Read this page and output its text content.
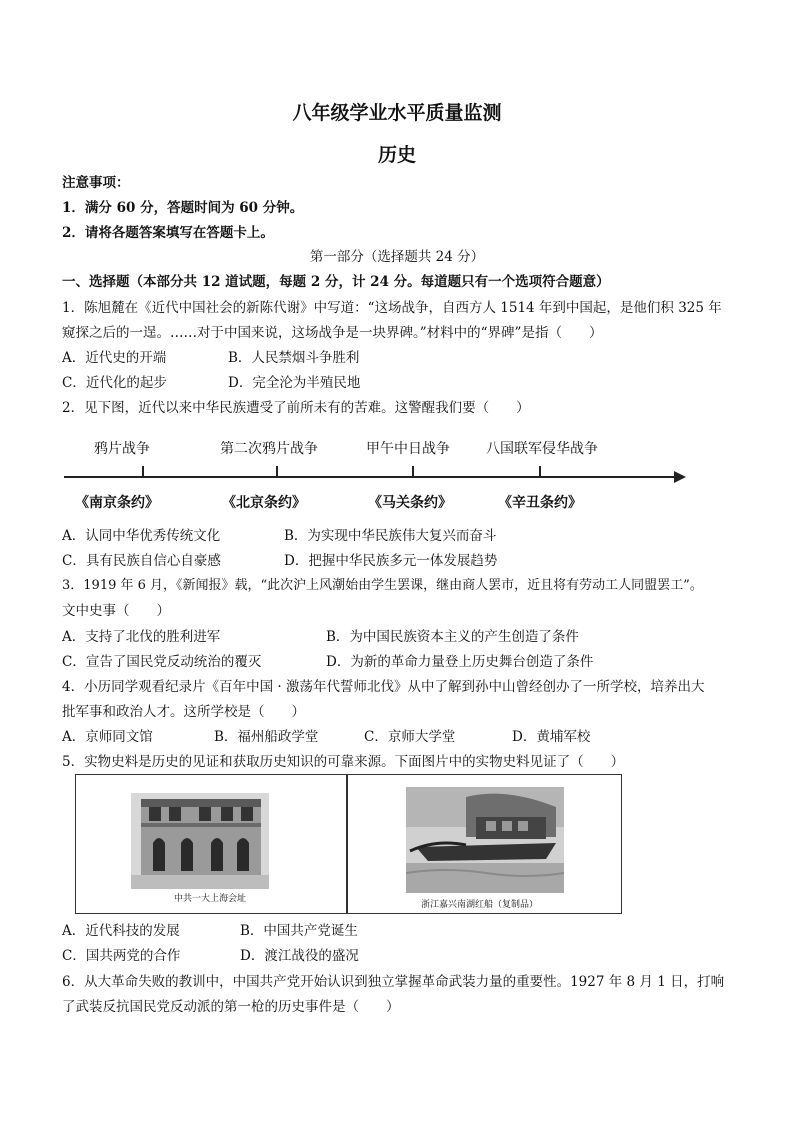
八年级学业水平质量监测
历史
注意事项：
1．满分 60 分，答题时间为 60 分钟。
2．请将各题答案填写在答题卡上。
第一部分（选择题共 24 分）
一、选择题（本部分共 12 道试题，每题 2 分，计 24 分。每道题只有一个选项符合题意）
1．陈旭麓在《近代中国社会的新陈代谢》中写道：“这场战争，自西方人 1514 年到中国起，是他们积 325 年
窥探之后的一逞。……对于中国来说，这场战争是一块界碑。”材料中的“界碑”是指（　　）
A．近代史的开端	B．人民禁烟斗争胜利
C．近代化的起步	D．完全沦为半殖民地
2．见下图，近代以来中华民族遭受了前所未有的苦难。这警醒我们要（　　）
鸦片战争	第二次鸦片战争	甲午中日战争	八国联军侵华战争
《南京条约》	《北京条约》	《马关条约》	《辛丑条约》
A．认同中华优秀传统文化	B．为实现中华民族伟大复兴而奋斗
C．具有民族自信心自豪感	D．把握中华民族多元一体发展趋势
3．1919 年 6 月，《新闻报》载，“此次沪上风潮始由学生罢课，继由商人罢市，近且将有劳动工人同盟罢工”。
文中史事（　　）
A．支持了北伐的胜利进军	B．为中国民族资本主义的产生创造了条件
C．宣告了国民党反动统治的覆灭	D．为新的革命力量登上历史舞台创造了条件
4．小历同学观看纪录片《百年中国 · 激荡年代誓师北伐》从中了解到孙中山曾经创办了一所学校，培养出大
批军事和政治人才。这所学校是（　　）
A．京师同文馆	B．福州船政学堂	C．京师大学堂	D．黄埔军校
5．实物史料是历史的见证和获取历史知识的可靠来源。下面图片中的实物史料见证了（　　）
中共一大上海会址
浙江嘉兴南湖红船（复制品）
A．近代科技的发展	B．中国共产党诞生
C．国共两党的合作	D．渡江战役的盛况
6．从大革命失败的教训中，中国共产党开始认识到独立掌握革命武装力量的重要性。1927 年 8 月 1 日，打响
了武装反抗国民党反动派的第一枪的历史事件是（　　）
